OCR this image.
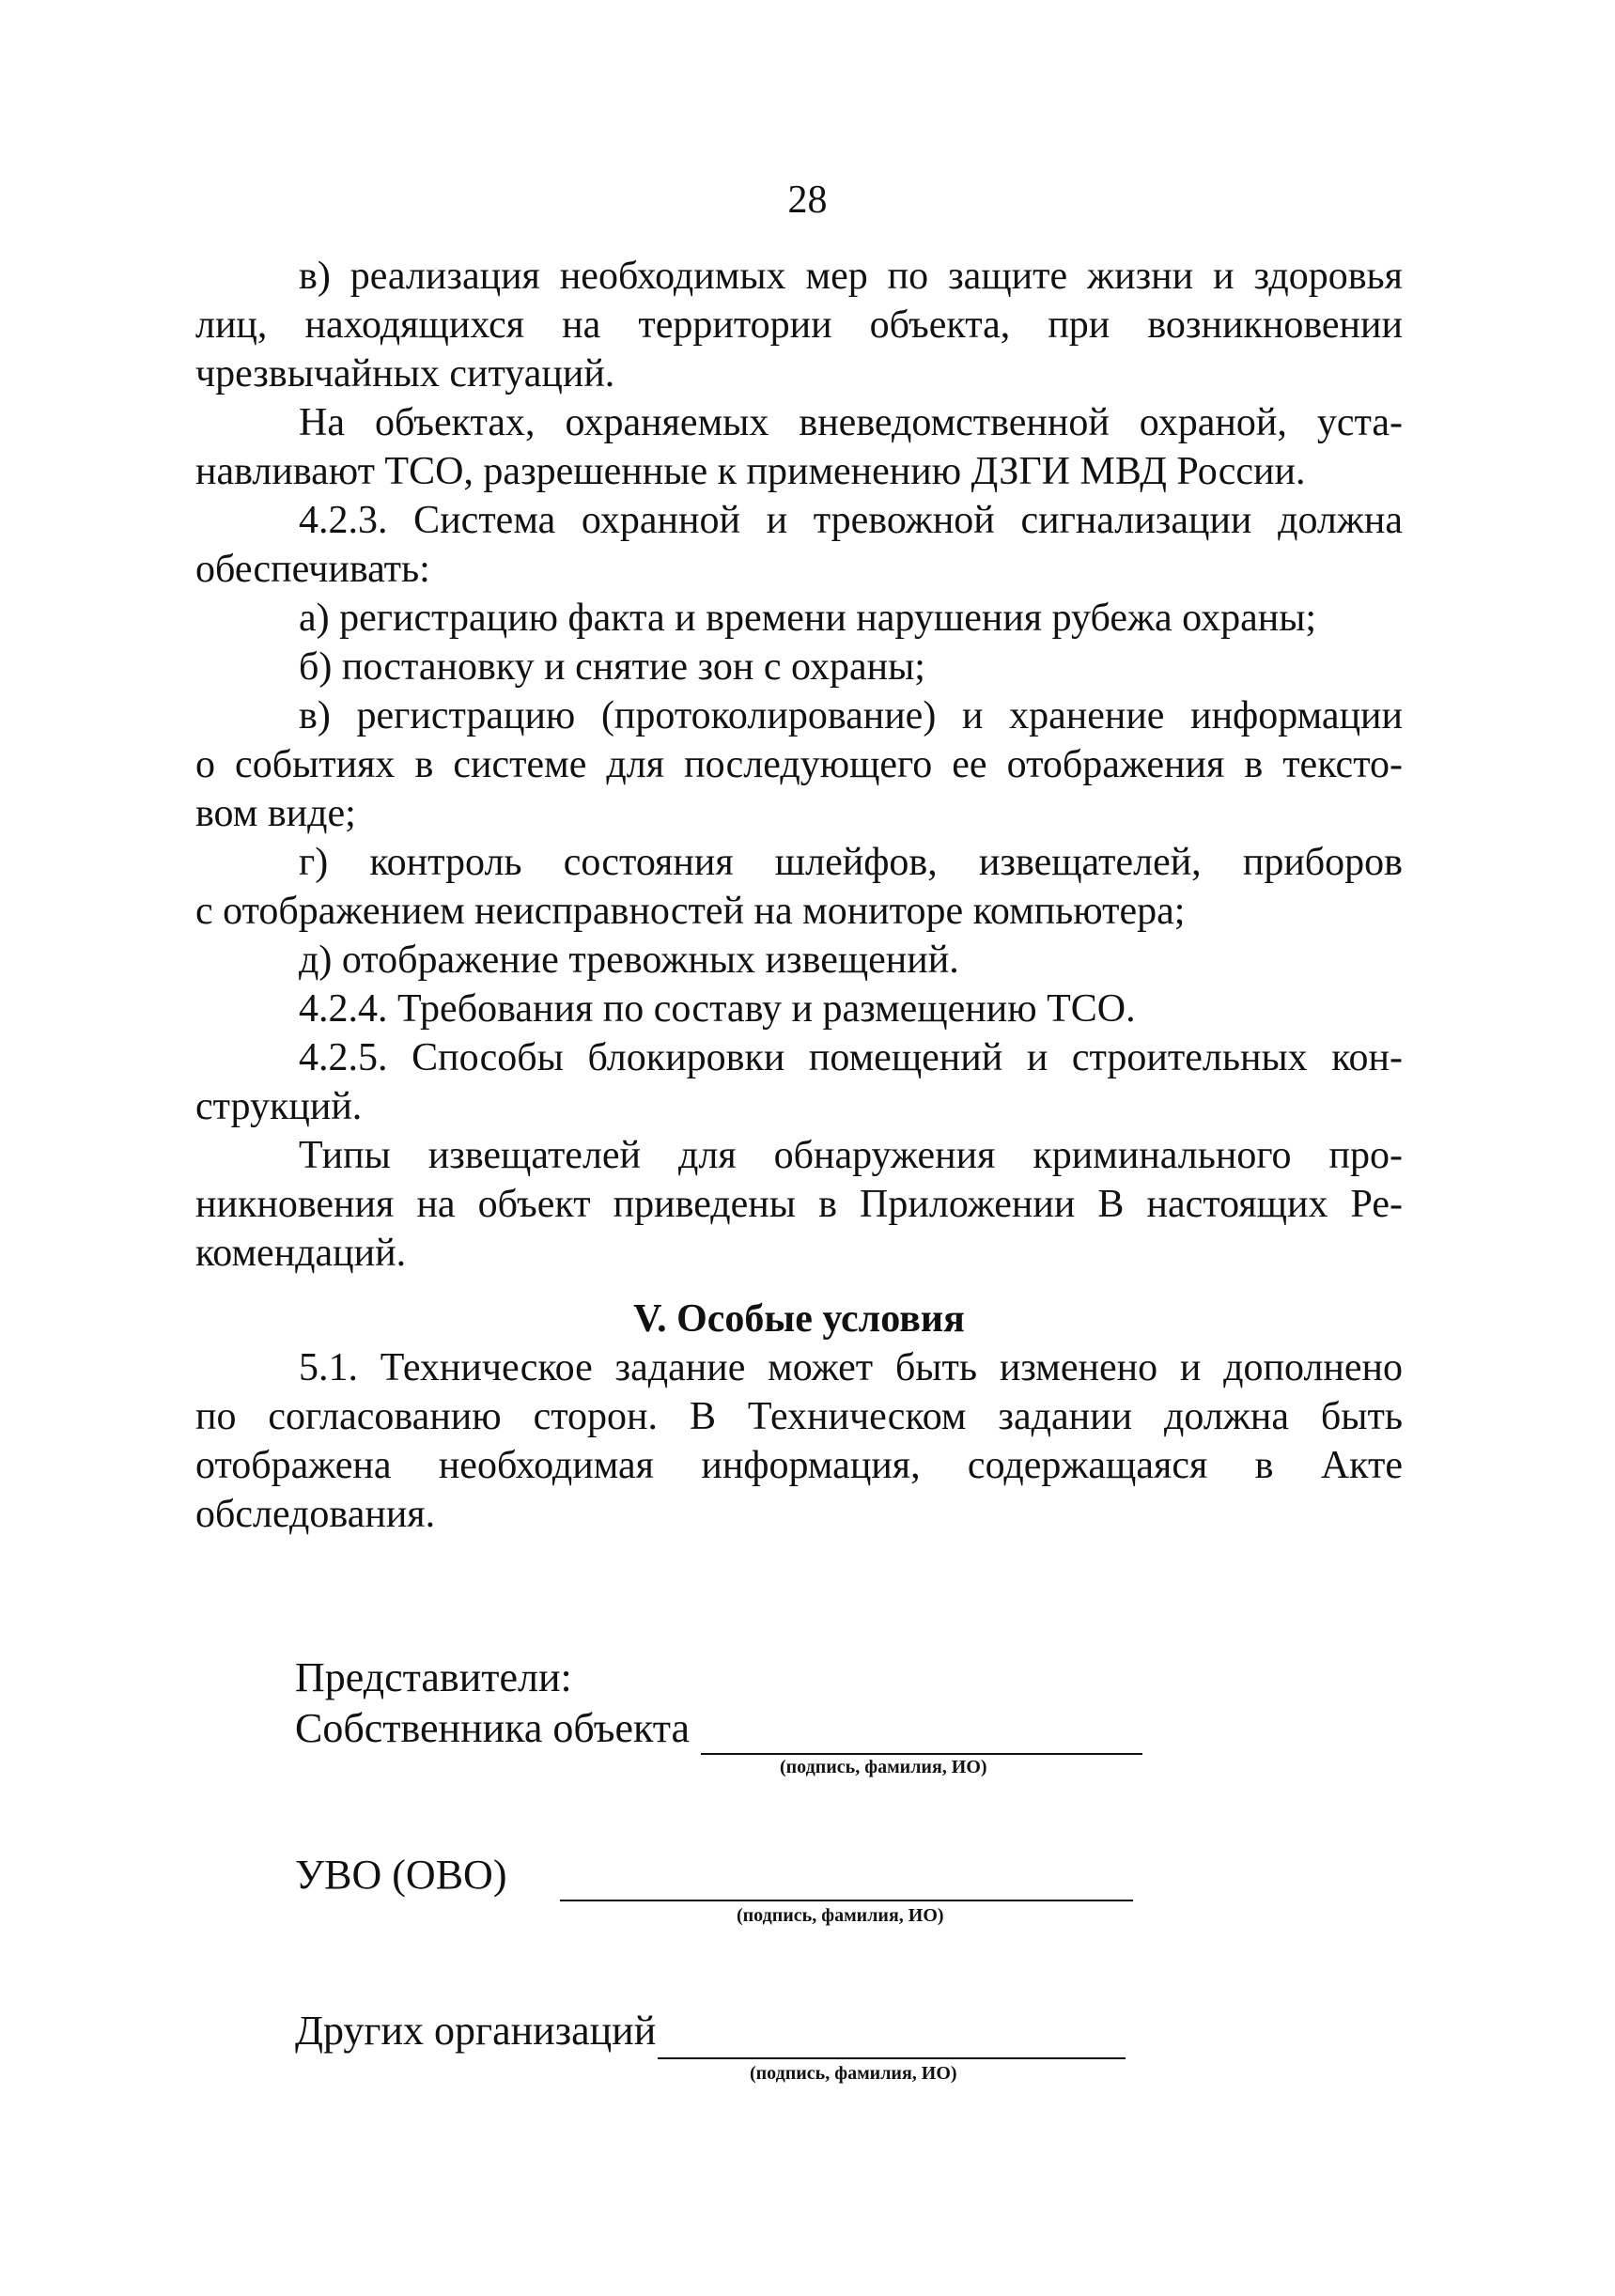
28
в) реализация необходимых мер по защите жизни и здоровья
лиц, находящихся на территории объекта, при возникновении
чрезвычайных ситуаций.
На объектах, охраняемых вневедомственной охраной, уста-
навливают ТСО, разрешенные к применению ДЗГИ МВД России.
4.2.3. Система охранной и тревожной сигнализации должна
обеспечивать:
а) регистрацию факта и времени нарушения рубежа охраны;
б) постановку и снятие зон с охраны;
в) регистрацию (протоколирование) и хранение информации
о событиях в системе для последующего ее отображения в тексто-
вом виде;
г) контроль состояния шлейфов, извещателей, приборов
с отображением неисправностей на мониторе компьютера;
д) отображение тревожных извещений.
4.2.4. Требования по составу и размещению ТСО.
4.2.5. Способы блокировки помещений и строительных кон-
струкций.
Типы извещателей для обнаружения криминального про-
никновения на объект приведены в Приложении В настоящих Ре-
комендаций.
V. Особые условия
5.1. Техническое задание может быть изменено и дополнено
по согласованию сторон. В Техническом задании должна быть
отображена необходимая информация, содержащаяся в Акте
обследования.
Представители:
Собственника объекта
(подпись, фамилия, ИО)
УВО (ОВО)
(подпись, фамилия, ИО)
Других организаций
(подпись, фамилия, ИО)
